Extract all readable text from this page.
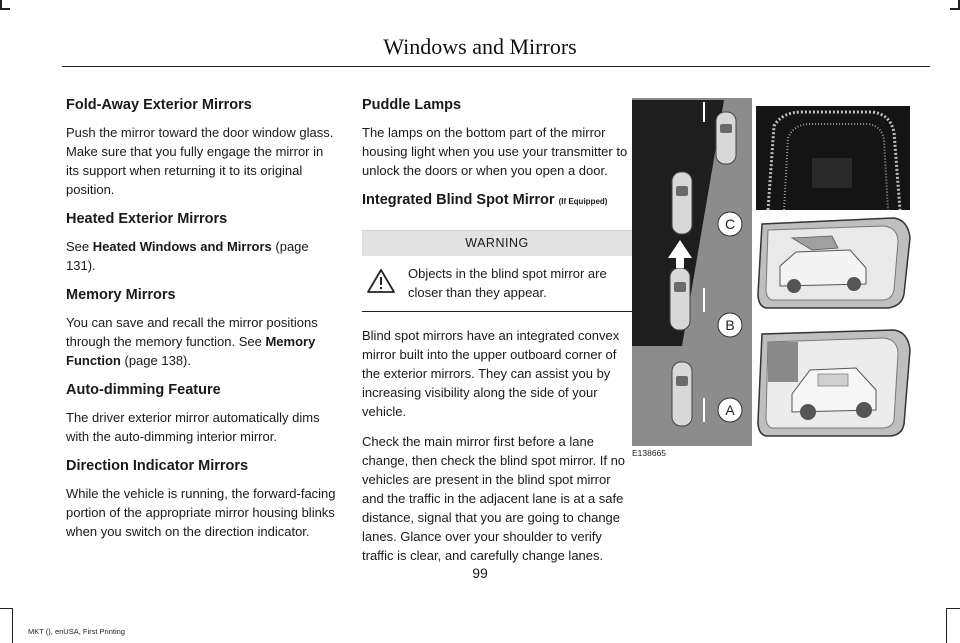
Windows and Mirrors
Fold-Away Exterior Mirrors

Push the mirror toward the door window glass. Make sure that you fully engage the mirror in its support when returning it to its original position.

Heated Exterior Mirrors

See Heated Windows and Mirrors (page 131).

Memory Mirrors

You can save and recall the mirror positions through the memory function. See Memory Function (page 138).

Auto-dimming Feature

The driver exterior mirror automatically dims with the auto-dimming interior mirror.

Direction Indicator Mirrors

While the vehicle is running, the forward-facing portion of the appropriate mirror housing blinks when you switch on the direction indicator.

Puddle Lamps

The lamps on the bottom part of the mirror housing light when you use your transmitter to unlock the doors or when you open a door.

Integrated Blind Spot Mirror (If Equipped)
WARNING
Objects in the blind spot mirror are closer than they appear.

Blind spot mirrors have an integrated convex mirror built into the upper outboard corner of the exterior mirrors. They can assist you by increasing visibility along the side of your vehicle.

Check the main mirror first before a lane change, then check the blind spot mirror. If no vehicles are present in the blind spot mirror and the traffic in the adjacent lane is at a safe distance, signal that you are going to change lanes. Glance over your shoulder to verify traffic is clear, and carefully change lanes.

C
B
A
E138665
99
MKT (), enUSA, First Printing
